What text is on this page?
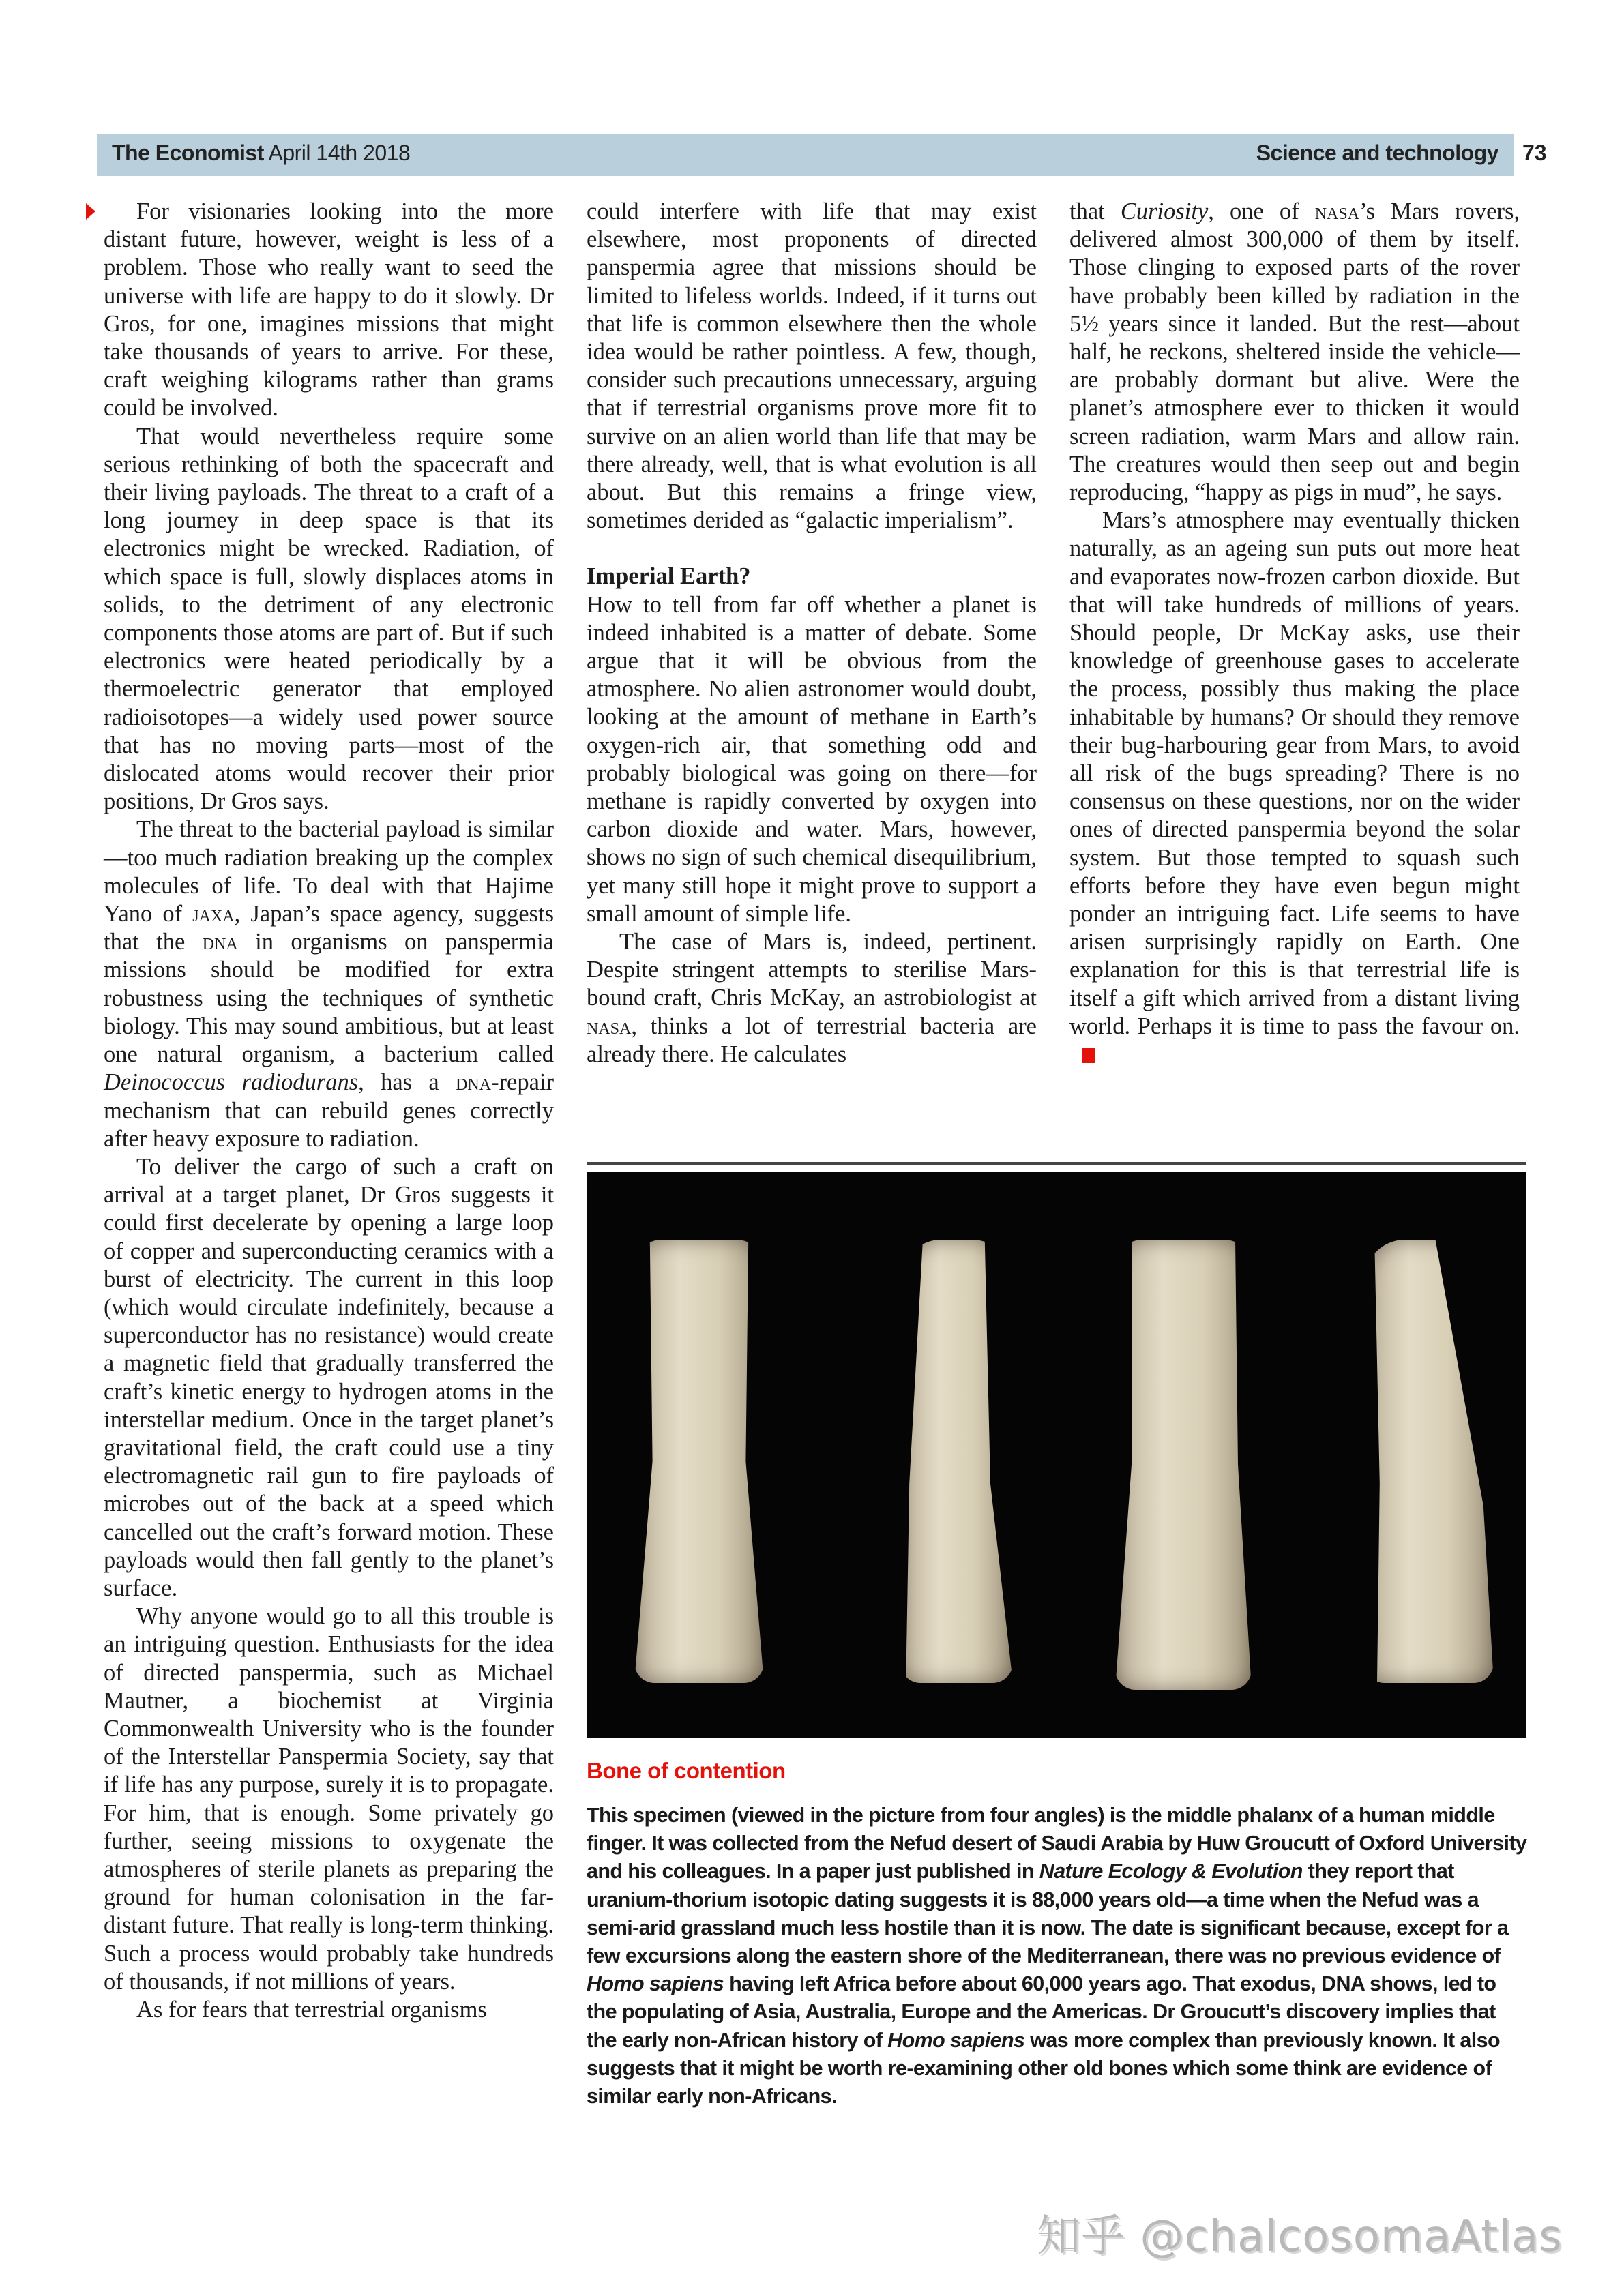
The Economist April 14th 2018	Science and technology 73

For visionaries looking into the more distant future, however, weight is less of a problem. Those who really want to seed the universe with life are happy to do it slowly. Dr Gros, for one, imagines missions that might take thousands of years to arrive. For these, craft weighing kilograms rather than grams could be involved.

That would nevertheless require some serious rethinking of both the spacecraft and their living payloads. The threat to a craft of a long journey in deep space is that its electronics might be wrecked. Radiation, of which space is full, slowly displaces atoms in solids, to the detriment of any electronic components those atoms are part of. But if such electronics were heated periodically by a thermoelectric generator that employed radioisotopes—a widely used power source that has no moving parts—most of the dislocated atoms would recover their prior positions, Dr Gros says.

The threat to the bacterial payload is similar—too much radiation breaking up the complex molecules of life. To deal with that Hajime Yano of jaxa, Japan’s space agency, suggests that the dna in organisms on panspermia missions should be modified for extra robustness using the techniques of synthetic biology. This may sound ambitious, but at least one natural organism, a bacterium called Deinococcus radiodurans, has a dna-repair mechanism that can rebuild genes correctly after heavy exposure to radiation.

To deliver the cargo of such a craft on arrival at a target planet, Dr Gros suggests it could first decelerate by opening a large loop of copper and superconducting ceramics with a burst of electricity. The current in this loop (which would circulate indefinitely, because a superconductor has no resistance) would create a magnetic field that gradually transferred the craft’s kinetic energy to hydrogen atoms in the interstellar medium. Once in the target planet’s gravitational field, the craft could use a tiny electromagnetic rail gun to fire payloads of microbes out of the back at a speed which cancelled out the craft’s forward motion. These payloads would then fall gently to the planet’s surface.

Why anyone would go to all this trouble is an intriguing question. Enthusiasts for the idea of directed panspermia, such as Michael Mautner, a biochemist at Virginia Commonwealth University who is the founder of the Interstellar Panspermia Society, say that if life has any purpose, surely it is to propagate. For him, that is enough. Some privately go further, seeing missions to oxygenate the atmospheres of sterile planets as preparing the ground for human colonisation in the far-distant future. That really is long-term thinking. Such a process would probably take hundreds of thousands, if not millions of years.

As for fears that terrestrial organisms

could interfere with life that may exist elsewhere, most proponents of directed panspermia agree that missions should be limited to lifeless worlds. Indeed, if it turns out that life is common elsewhere then the whole idea would be rather pointless. A few, though, consider such precautions unnecessary, arguing that if terrestrial organisms prove more fit to survive on an alien world than life that may be there already, well, that is what evolution is all about. But this remains a fringe view, sometimes derided as “galactic imperialism”.

Imperial Earth?

How to tell from far off whether a planet is indeed inhabited is a matter of debate. Some argue that it will be obvious from the atmosphere. No alien astronomer would doubt, looking at the amount of methane in Earth’s oxygen-rich air, that something odd and probably biological was going on there—for methane is rapidly converted by oxygen into carbon dioxide and water. Mars, however, shows no sign of such chemical disequilibrium, yet many still hope it might prove to support a small amount of simple life.

The case of Mars is, indeed, pertinent. Despite stringent attempts to sterilise Mars-bound craft, Chris McKay, an astrobiologist at nasa, thinks a lot of terrestrial bacteria are already there. He calculates

that Curiosity, one of nasa’s Mars rovers, delivered almost 300,000 of them by itself. Those clinging to exposed parts of the rover have probably been killed by radiation in the 5½ years since it landed. But the rest—about half, he reckons, sheltered inside the vehicle—are probably dormant but alive. Were the planet’s atmosphere ever to thicken it would screen radiation, warm Mars and allow rain. The creatures would then seep out and begin reproducing, “happy as pigs in mud”, he says.

Mars’s atmosphere may eventually thicken naturally, as an ageing sun puts out more heat and evaporates now-frozen carbon dioxide. But that will take hundreds of millions of years. Should people, Dr McKay asks, use their knowledge of greenhouse gases to accelerate the process, possibly thus making the place inhabitable by humans? Or should they remove their bug-harbouring gear from Mars, to avoid all risk of the bugs spreading? There is no consensus on these questions, nor on the wider ones of directed panspermia beyond the solar system. But those tempted to squash such efforts before they have even begun might ponder an intriguing fact. Life seems to have arisen surprisingly rapidly on Earth. One explanation for this is that terrestrial life is itself a gift which arrived from a distant living world. Perhaps it is time to pass the favour on.

Bone of contention
This specimen (viewed in the picture from four angles) is the middle phalanx of a human middle finger. It was collected from the Nefud desert of Saudi Arabia by Huw Groucutt of Oxford University and his colleagues. In a paper just published in Nature Ecology & Evolution they report that uranium-thorium isotopic dating suggests it is 88,000 years old—a time when the Nefud was a semi-arid grassland much less hostile than it is now. The date is significant because, except for a few excursions along the eastern shore of the Mediterranean, there was no previous evidence of Homo sapiens having left Africa before about 60,000 years ago. That exodus, DNA shows, led to the populating of Asia, Australia, Europe and the Americas. Dr Groucutt’s discovery implies that the early non-African history of Homo sapiens was more complex than previously known. It also suggests that it might be worth re-examining other old bones which some think are evidence of similar early non-Africans.
知乎 @chalcosomaAtlas
